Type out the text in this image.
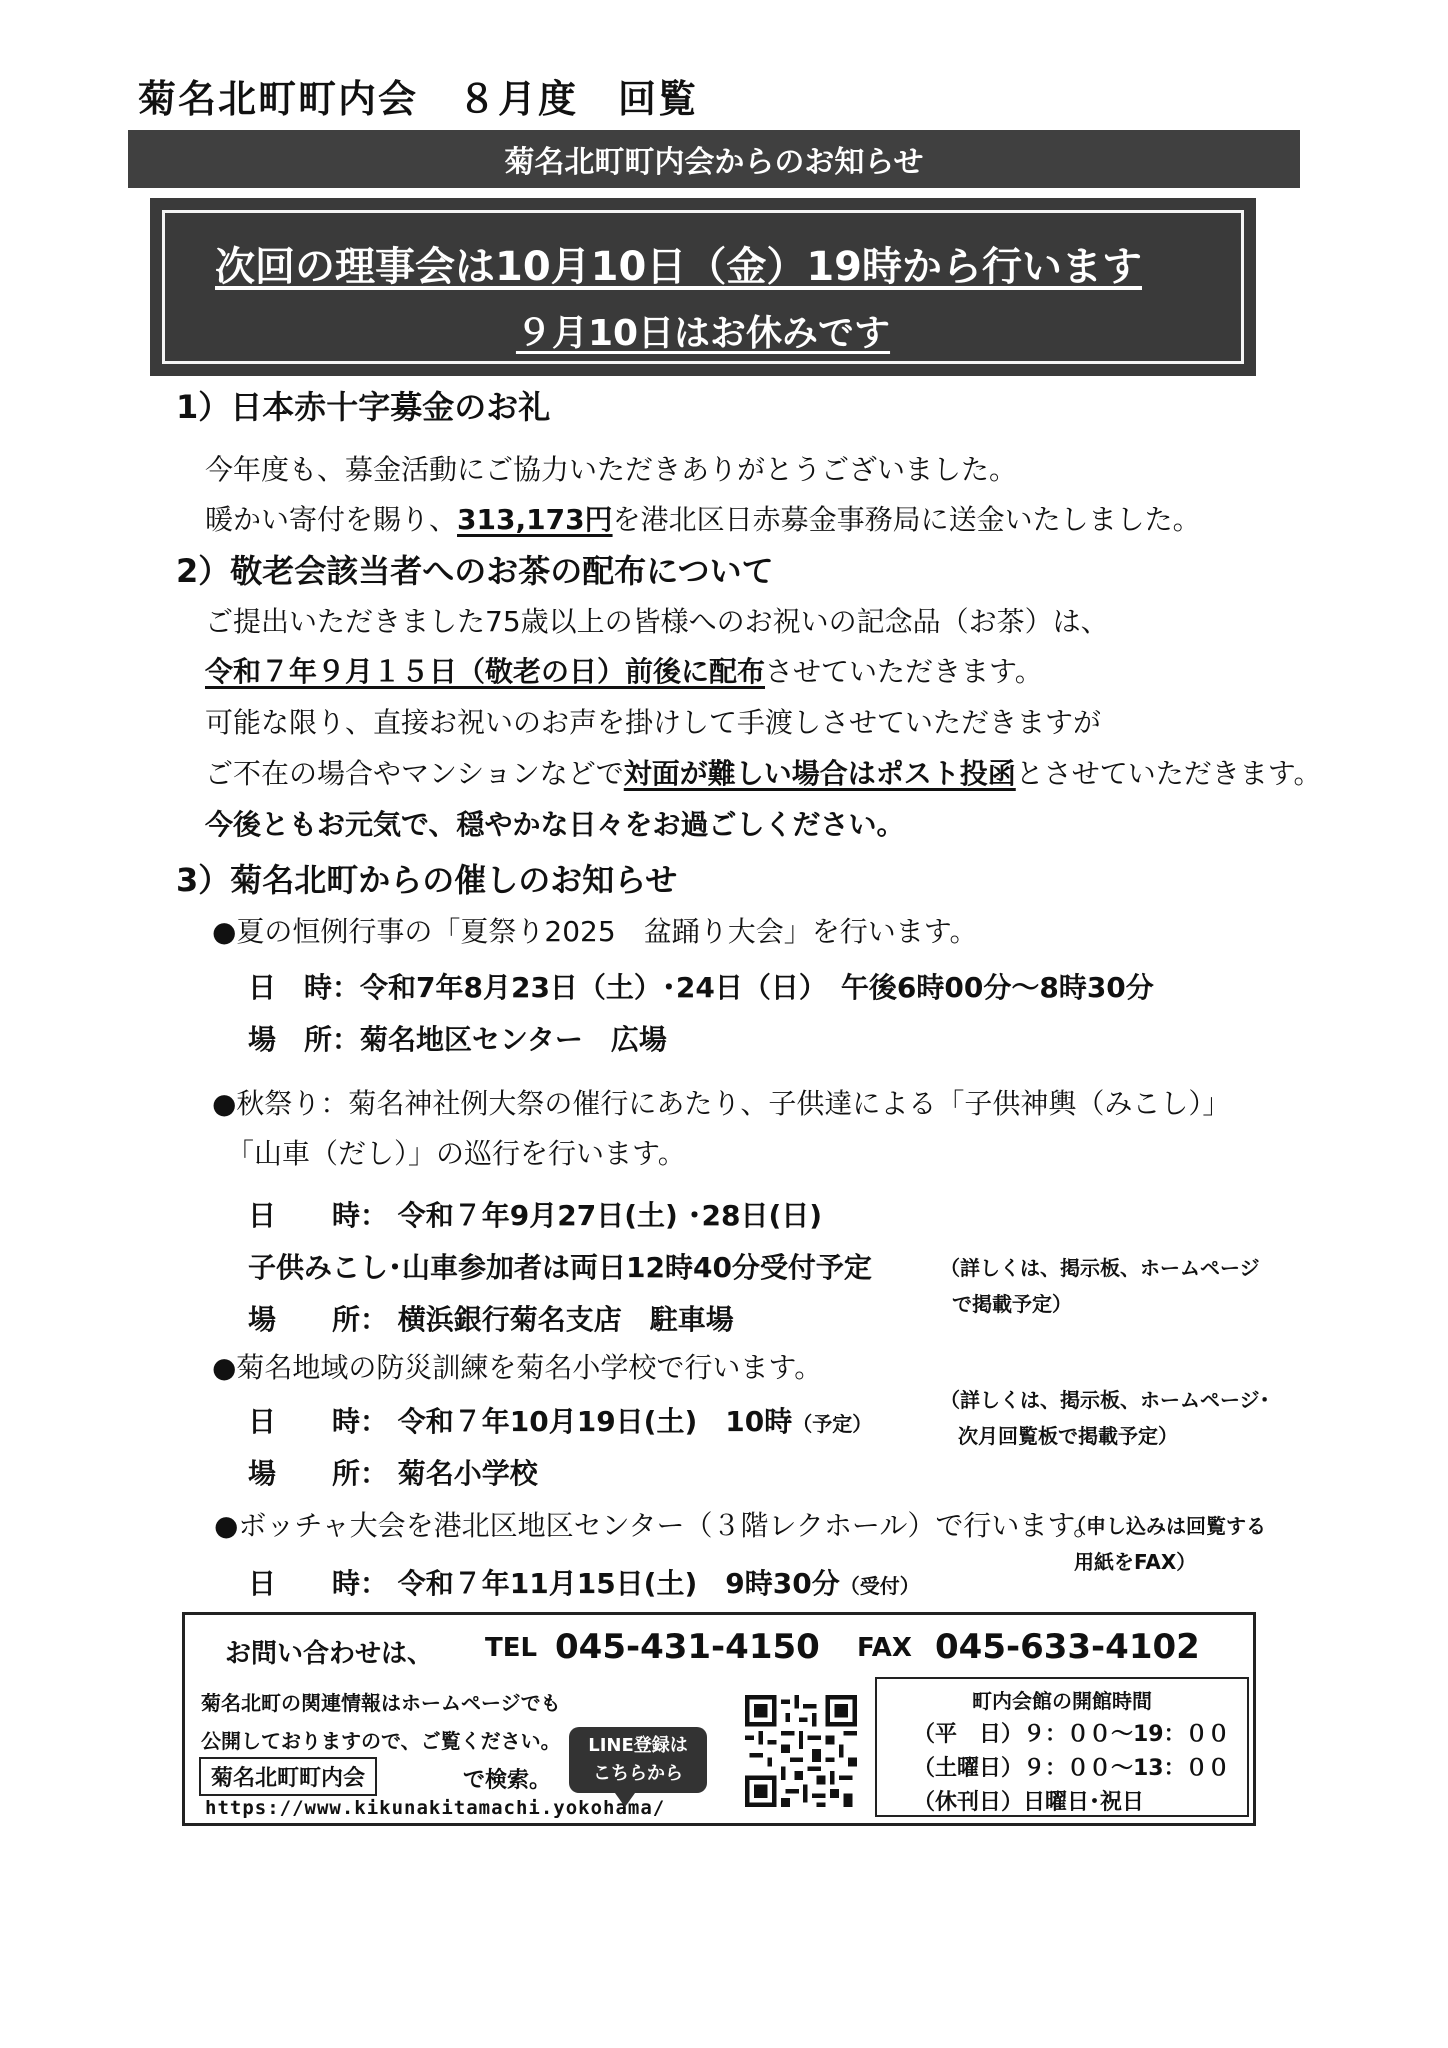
菊名北町町内会　８月度　回覧
菊名北町町内会からのお知らせ
次回の理事会は10月10日（金）19時から行います
９月10日はお休みです
1）日本赤十字募金のお礼
今年度も、募金活動にご協力いただきありがとうございました。
暖かい寄付を賜り、313,173円を港北区日赤募金事務局に送金いたしました。
2）敬老会該当者へのお茶の配布について
ご提出いただきました75歳以上の皆様へのお祝いの記念品（お茶）は、
令和７年９月１５日（敬老の日）前後に配布させていただきます。
可能な限り、直接お祝いのお声を掛けして手渡しさせていただきますが
ご不在の場合やマンションなどで対面が難しい場合はポスト投函とさせていただきます。
今後ともお元気で、穏やかな日々をお過ごしください。
3）菊名北町からの催しのお知らせ
●夏の恒例行事の「夏祭り2025　盆踊り大会」を行います。
日　時：令和7年8月23日（土）･24日（日）　午後6時00分～8時30分
場　所：菊名地区センター　広場
●秋祭り：菊名神社例大祭の催行にあたり、子供達による「子供神輿（みこし）」
「山車（だし）」の巡行を行います。
日　　時： 令和７年9月27日(土) ･28日(日)
子供みこし･山車参加者は両日12時40分受付予定	（詳しくは、掲示板、ホームページ
で掲載予定）
場　　所： 横浜銀行菊名支店　駐車場
●菊名地域の防災訓練を菊名小学校で行います。
日　　時： 令和７年10月19日(土)　10時（予定）
（詳しくは、掲示板、ホームページ･
次月回覧板で掲載予定）
場　　所： 菊名小学校
●ボッチャ大会を港北区地区センター（３階レクホール）で行います。
（申し込みは回覧する
用紙をFAX）
日　　時： 令和７年11月15日(土)　9時30分（受付）
お問い合わせは、 TEL 045-431-4150 FAX 045-633-4102
菊名北町の関連情報はホームページでも
公開しておりますので、ご覧ください。
菊名北町町内会	で検索。
https://www.kikunakitamachi.yokohama/
LINE登録は
こちらから
町内会館の開館時間
（平　日）９：００～19：００
（土曜日）９：００～13：００
（休刊日）日曜日･祝日
